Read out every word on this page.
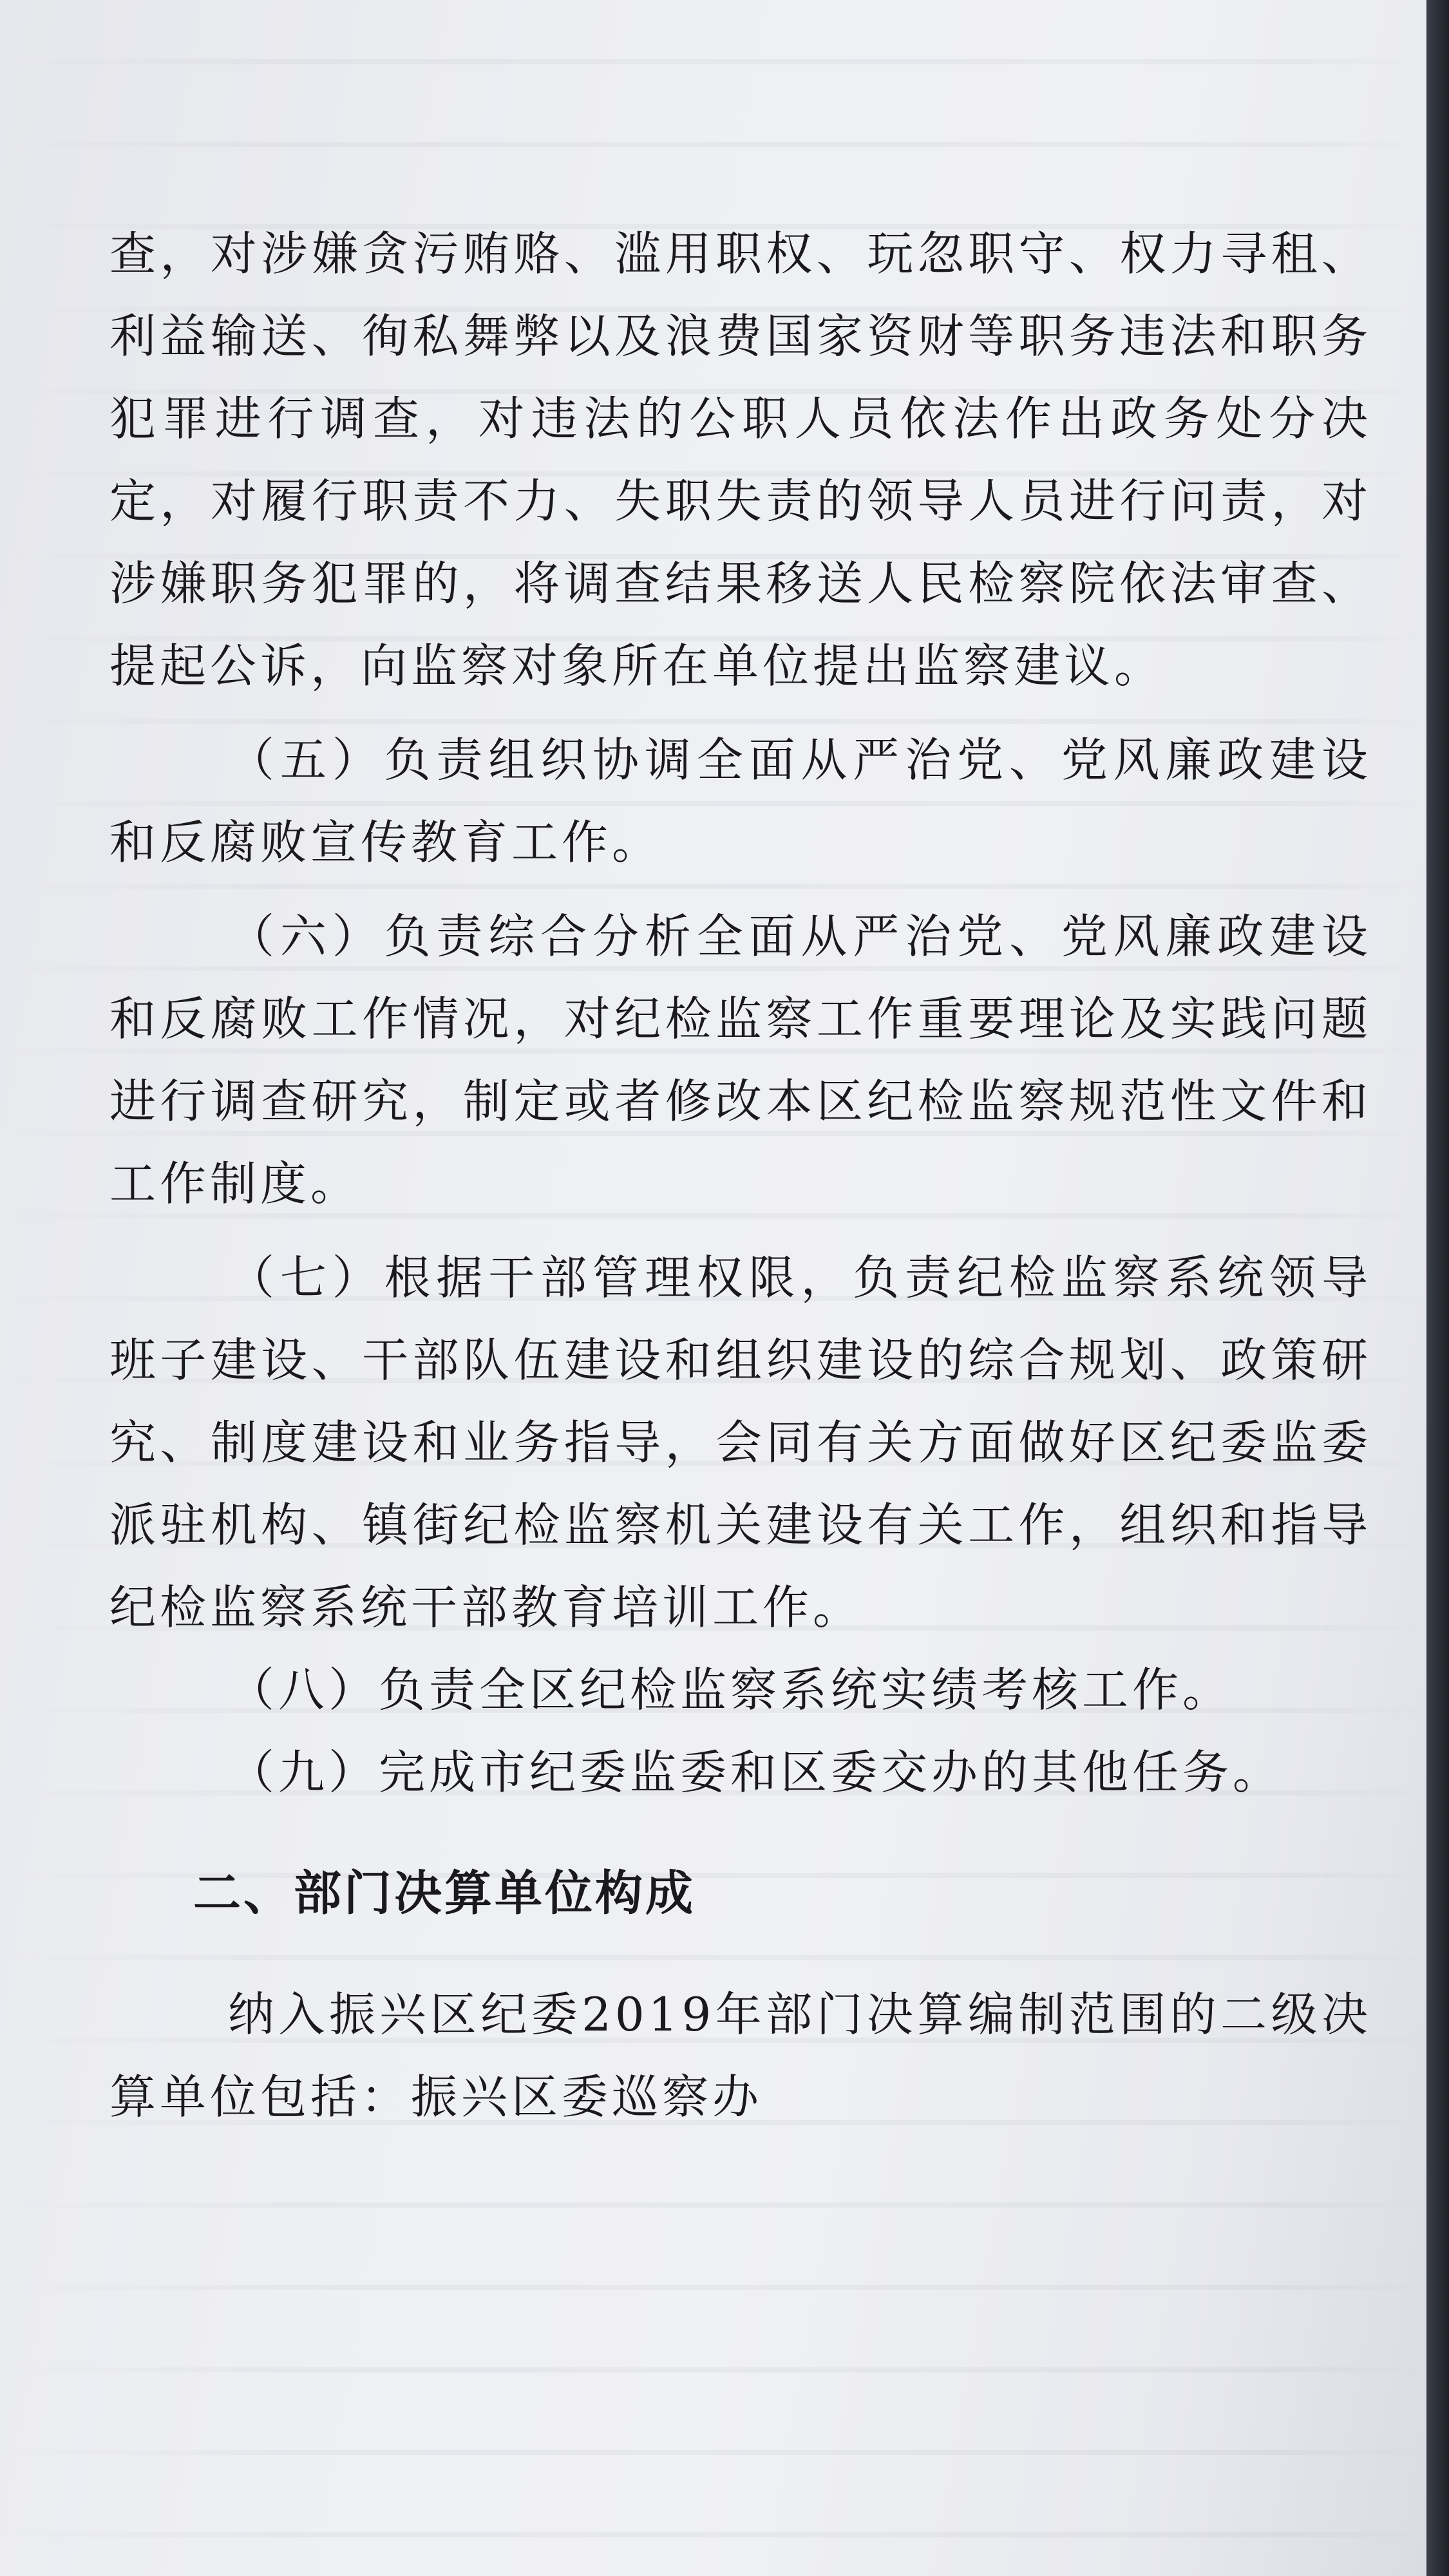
查，对涉嫌贪污贿赂、滥用职权、玩忽职守、权力寻租、利益输送、徇私舞弊以及浪费国家资财等职务违法和职务犯罪进行调查，对违法的公职人员依法作出政务处分决定，对履行职责不力、失职失责的领导人员进行问责，对涉嫌职务犯罪的，将调查结果移送人民检察院依法审查、提起公诉，向监察对象所在单位提出监察建议。

（五）负责组织协调全面从严治党、党风廉政建设和反腐败宣传教育工作。

（六）负责综合分析全面从严治党、党风廉政建设和反腐败工作情况，对纪检监察工作重要理论及实践问题进行调查研究，制定或者修改本区纪检监察规范性文件和工作制度。

（七）根据干部管理权限，负责纪检监察系统领导班子建设、干部队伍建设和组织建设的综合规划、政策研究、制度建设和业务指导，会同有关方面做好区纪委监委派驻机构、镇街纪检监察机关建设有关工作，组织和指导纪检监察系统干部教育培训工作。

（八）负责全区纪检监察系统实绩考核工作。

（九）完成市纪委监委和区委交办的其他任务。

二、部门决算单位构成

纳入振兴区纪委2019年部门决算编制范围的二级决算单位包括：振兴区委巡察办
